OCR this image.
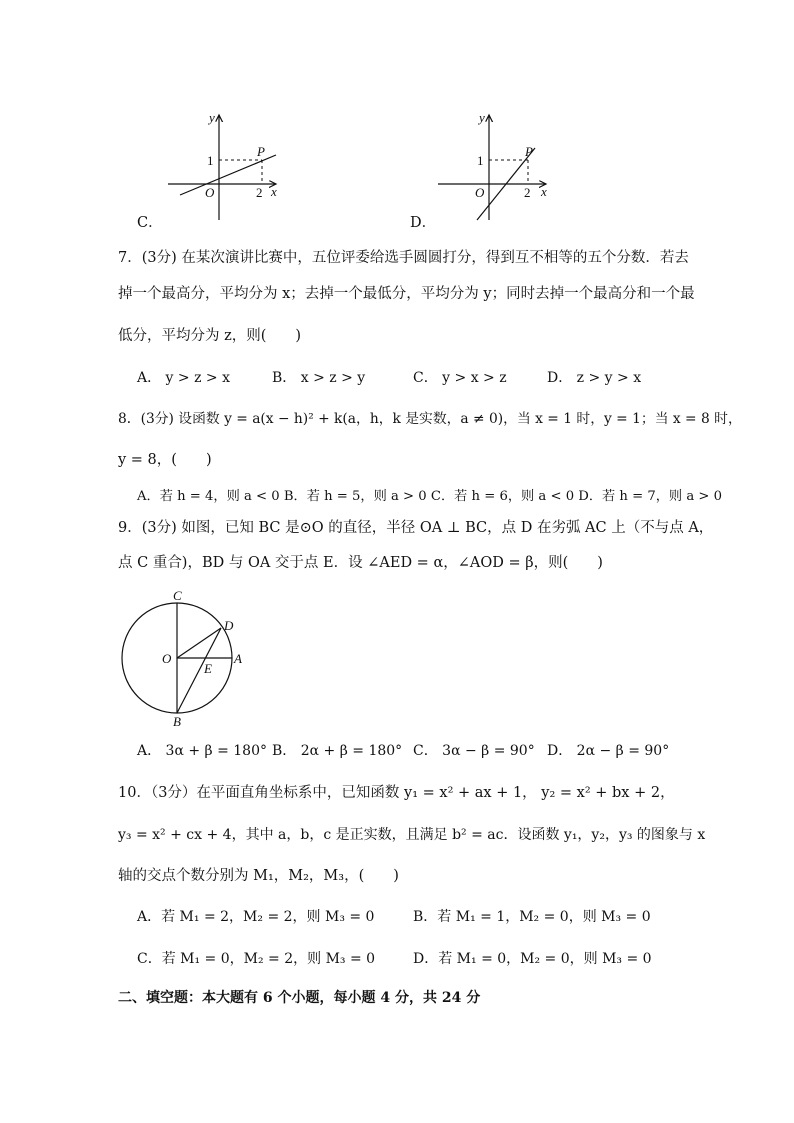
y
x
P
1
O	2
C．
y
x
P
1
O	2
D．
7．(3分) 在某次演讲比赛中，五位评委给选手圆圆打分，得到互不相等的五个分数．若去
掉一个最高分，平均分为 x；去掉一个最低分，平均分为 y；同时去掉一个最高分和一个最
低分，平均分为 z，则(　　)
A． y > z > x	B． x > z > y	C． y > x > z	D． z > y > x
8．(3分) 设函数 y = a(x − h)² + k(a，h，k 是实数，a ≠ 0)，当 x = 1 时，y = 1；当 x = 8 时，
y = 8，(　　)
A．若 h = 4，则 a < 0 B．若 h = 5，则 a > 0 C．若 h = 6，则 a < 0 D．若 h = 7，则 a > 0
9．(3分) 如图，已知 BC 是⊙O 的直径，半径 OA ⊥ BC，点 D 在劣弧 AC 上（不与点 A，
点 C 重合)，BD 与 OA 交于点 E．设 ∠AED = α，∠AOD = β，则(　　)
C
D
O	A
E
B
A． 3α + β = 180° B． 2α + β = 180° C． 3α − β = 90° D． 2α − β = 90°
10．（3分）在平面直角坐标系中，已知函数 y₁ = x² + ax + 1， y₂ = x² + bx + 2，
y₃ = x² + cx + 4，其中 a，b，c 是正实数，且满足 b² = ac．设函数 y₁，y₂，y₃ 的图象与 x
轴的交点个数分别为 M₁，M₂，M₃，(　　)
A．若 M₁ = 2，M₂ = 2，则 M₃ = 0	B．若 M₁ = 1，M₂ = 0，则 M₃ = 0
C．若 M₁ = 0，M₂ = 2，则 M₃ = 0	D．若 M₁ = 0，M₂ = 0，则 M₃ = 0
二、填空题：本大题有 6 个小题，每小题 4 分，共 24 分
